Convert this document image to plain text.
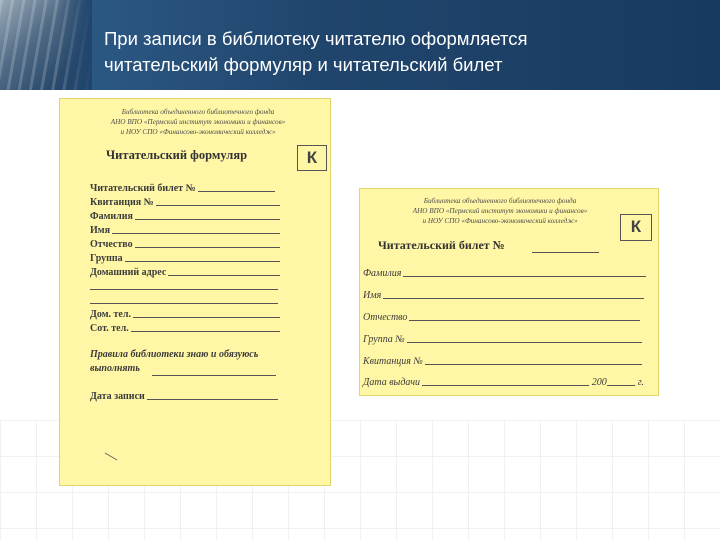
При записи в библиотеку читателю оформляется
читательский формуляр и читательский билет
Библиотека объединенного библиотечного фонда
АНО ВПО «Пермский институт экономики и финансов»
и НОУ СПО «Финансово-экономический колледж»
Читательский формуляр	К
Читательский билет №
Квитанция №
Фамилия
Имя
Отчество
Группа
Домашний адрес
Дом. тел.
Сот. тел.
Правила библиотеки знаю и обязуюсь выполнять
Дата записи
Библиотека объединенного библиотечного фонда
АНО ВПО «Пермский институт экономики и финансов»
и НОУ СПО «Финансово-экономический колледж»
Читательский билет №
К
Фамилия
Имя
Отчество
Группа №
Квитанция №
Дата выдачи	200	г.
